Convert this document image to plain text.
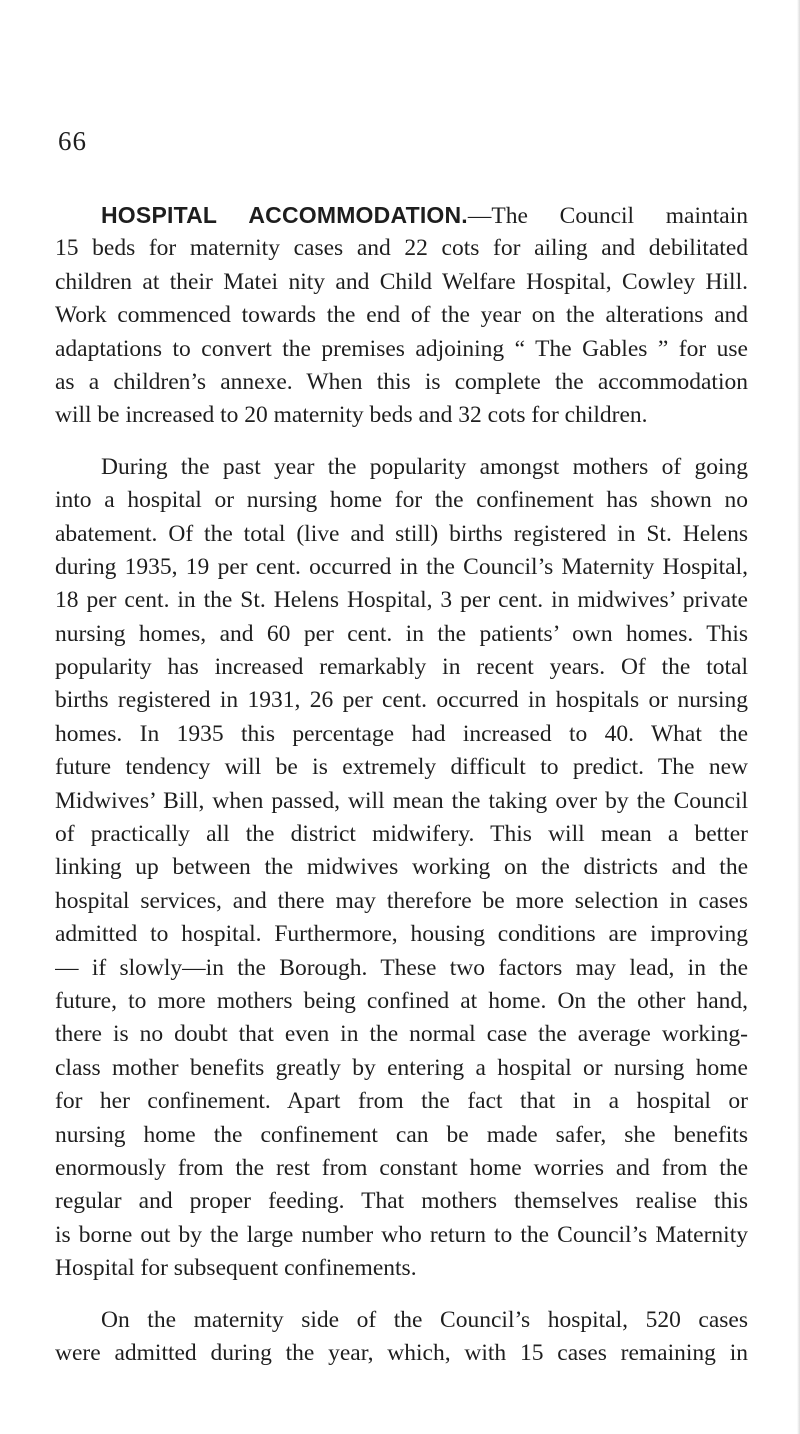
66
HOSPITAL ACCOMMODATION.—The Council maintain
15 beds for maternity cases and 22 cots for ailing and debilitated
children at their Matei nity and Child Welfare Hospital, Cowley Hill.
Work commenced towards the end of the year on the alterations and
adaptations to convert the premises adjoining “ The Gables ” for use
as a children’s annexe. When this is complete the accommodation
will be increased to 20 maternity beds and 32 cots for children.
During the past year the popularity amongst mothers of going
into a hospital or nursing home for the confinement has shown no
abatement. Of the total (live and still) births registered in St. Helens
during 1935, 19 per cent. occurred in the Council’s Maternity Hospital,
18 per cent. in the St. Helens Hospital, 3 per cent. in midwives’ private
nursing homes, and 60 per cent. in the patients’ own homes. This
popularity has increased remarkably in recent years. Of the total
births registered in 1931, 26 per cent. occurred in hospitals or nursing
homes. In 1935 this percentage had increased to 40. What the
future tendency will be is extremely difficult to predict. The new
Midwives’ Bill, when passed, will mean the taking over by the Council
of practically all the district midwifery. This will mean a better
linking up between the midwives working on the districts and the
hospital services, and there may therefore be more selection in cases
admitted to hospital. Furthermore, housing conditions are improving
— if slowly—in the Borough. These two factors may lead, in the
future, to more mothers being confined at home. On the other hand,
there is no doubt that even in the normal case the average working-
class mother benefits greatly by entering a hospital or nursing home
for her confinement. Apart from the fact that in a hospital or
nursing home the confinement can be made safer, she benefits
enormously from the rest from constant home worries and from the
regular and proper feeding. That mothers themselves realise this
is borne out by the large number who return to the Council’s Maternity
Hospital for subsequent confinements.
On the maternity side of the Council’s hospital, 520 cases
were admitted during the year, which, with 15 cases remaining in
